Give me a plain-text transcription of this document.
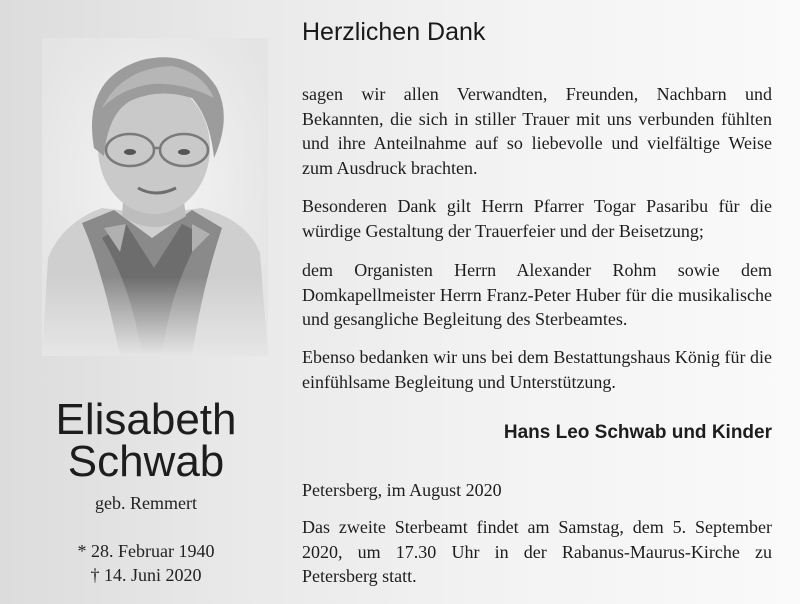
Elisabeth
Schwab
geb. Remmert
* 28. Februar 1940
† 14. Juni 2020
Herzlichen Dank
sagen wir allen Verwandten, Freunden, Nachbarn und Bekannten, die sich in stiller Trauer mit uns verbunden fühlten und ihre Anteilnahme auf so liebevolle und vielfältige Weise zum Ausdruck brachten.
Besonderen Dank gilt Herrn Pfarrer Togar Pasaribu für die würdige Gestaltung der Trauerfeier und der Beisetzung;
dem Organisten Herrn Alexander Rohm sowie dem Domkapellmeister Herrn Franz-Peter Huber für die musikalische und gesangliche Begleitung des Sterbeamtes.
Ebenso bedanken wir uns bei dem Bestattungshaus König für die einfühlsame Begleitung und Unterstützung.
Hans Leo Schwab und Kinder
Petersberg, im August 2020
Das zweite Sterbeamt findet am Samstag, dem 5. September 2020, um 17.30 Uhr in der Rabanus-Maurus-Kirche zu Petersberg statt.
